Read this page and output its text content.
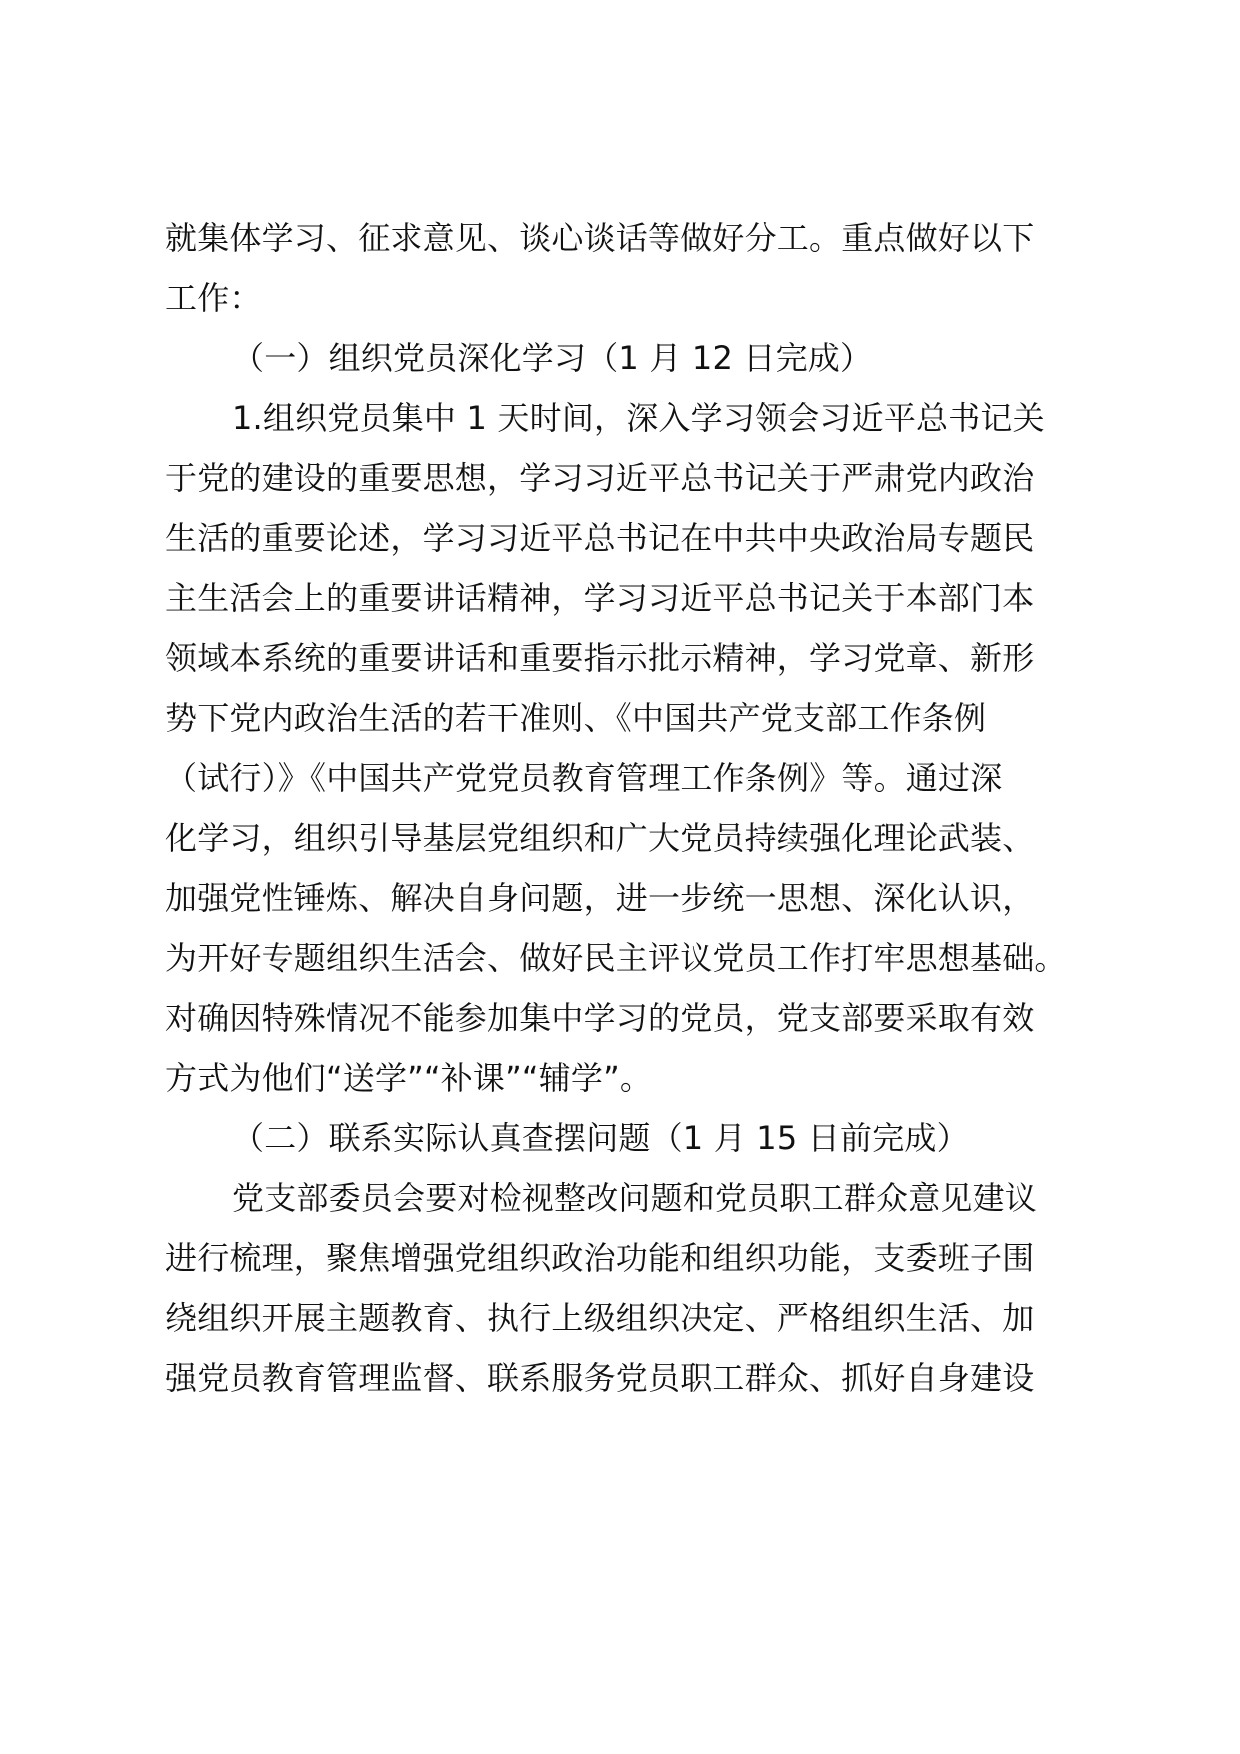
就集体学习、征求意见、谈心谈话等做好分工。重点做好以下
工作：
（一）组织党员深化学习（1 月 12 日完成）
1.组织党员集中 1 天时间，深入学习领会习近平总书记关
于党的建设的重要思想，学习习近平总书记关于严肃党内政治
生活的重要论述，学习习近平总书记在中共中央政治局专题民
主生活会上的重要讲话精神，学习习近平总书记关于本部门本
领域本系统的重要讲话和重要指示批示精神，学习党章、新形
势下党内政治生活的若干准则、《中国共产党支部工作条例
（试行）》《中国共产党党员教育管理工作条例》等。通过深
化学习，组织引导基层党组织和广大党员持续强化理论武装、
加强党性锤炼、解决自身问题，进一步统一思想、深化认识，
为开好专题组织生活会、做好民主评议党员工作打牢思想基础。
对确因特殊情况不能参加集中学习的党员，党支部要采取有效
方式为他们“送学”“补课”“辅学”。
（二）联系实际认真查摆问题（1 月 15 日前完成）
党支部委员会要对检视整改问题和党员职工群众意见建议
进行梳理，聚焦增强党组织政治功能和组织功能，支委班子围
绕组织开展主题教育、执行上级组织决定、严格组织生活、加
强党员教育管理监督、联系服务党员职工群众、抓好自身建设
